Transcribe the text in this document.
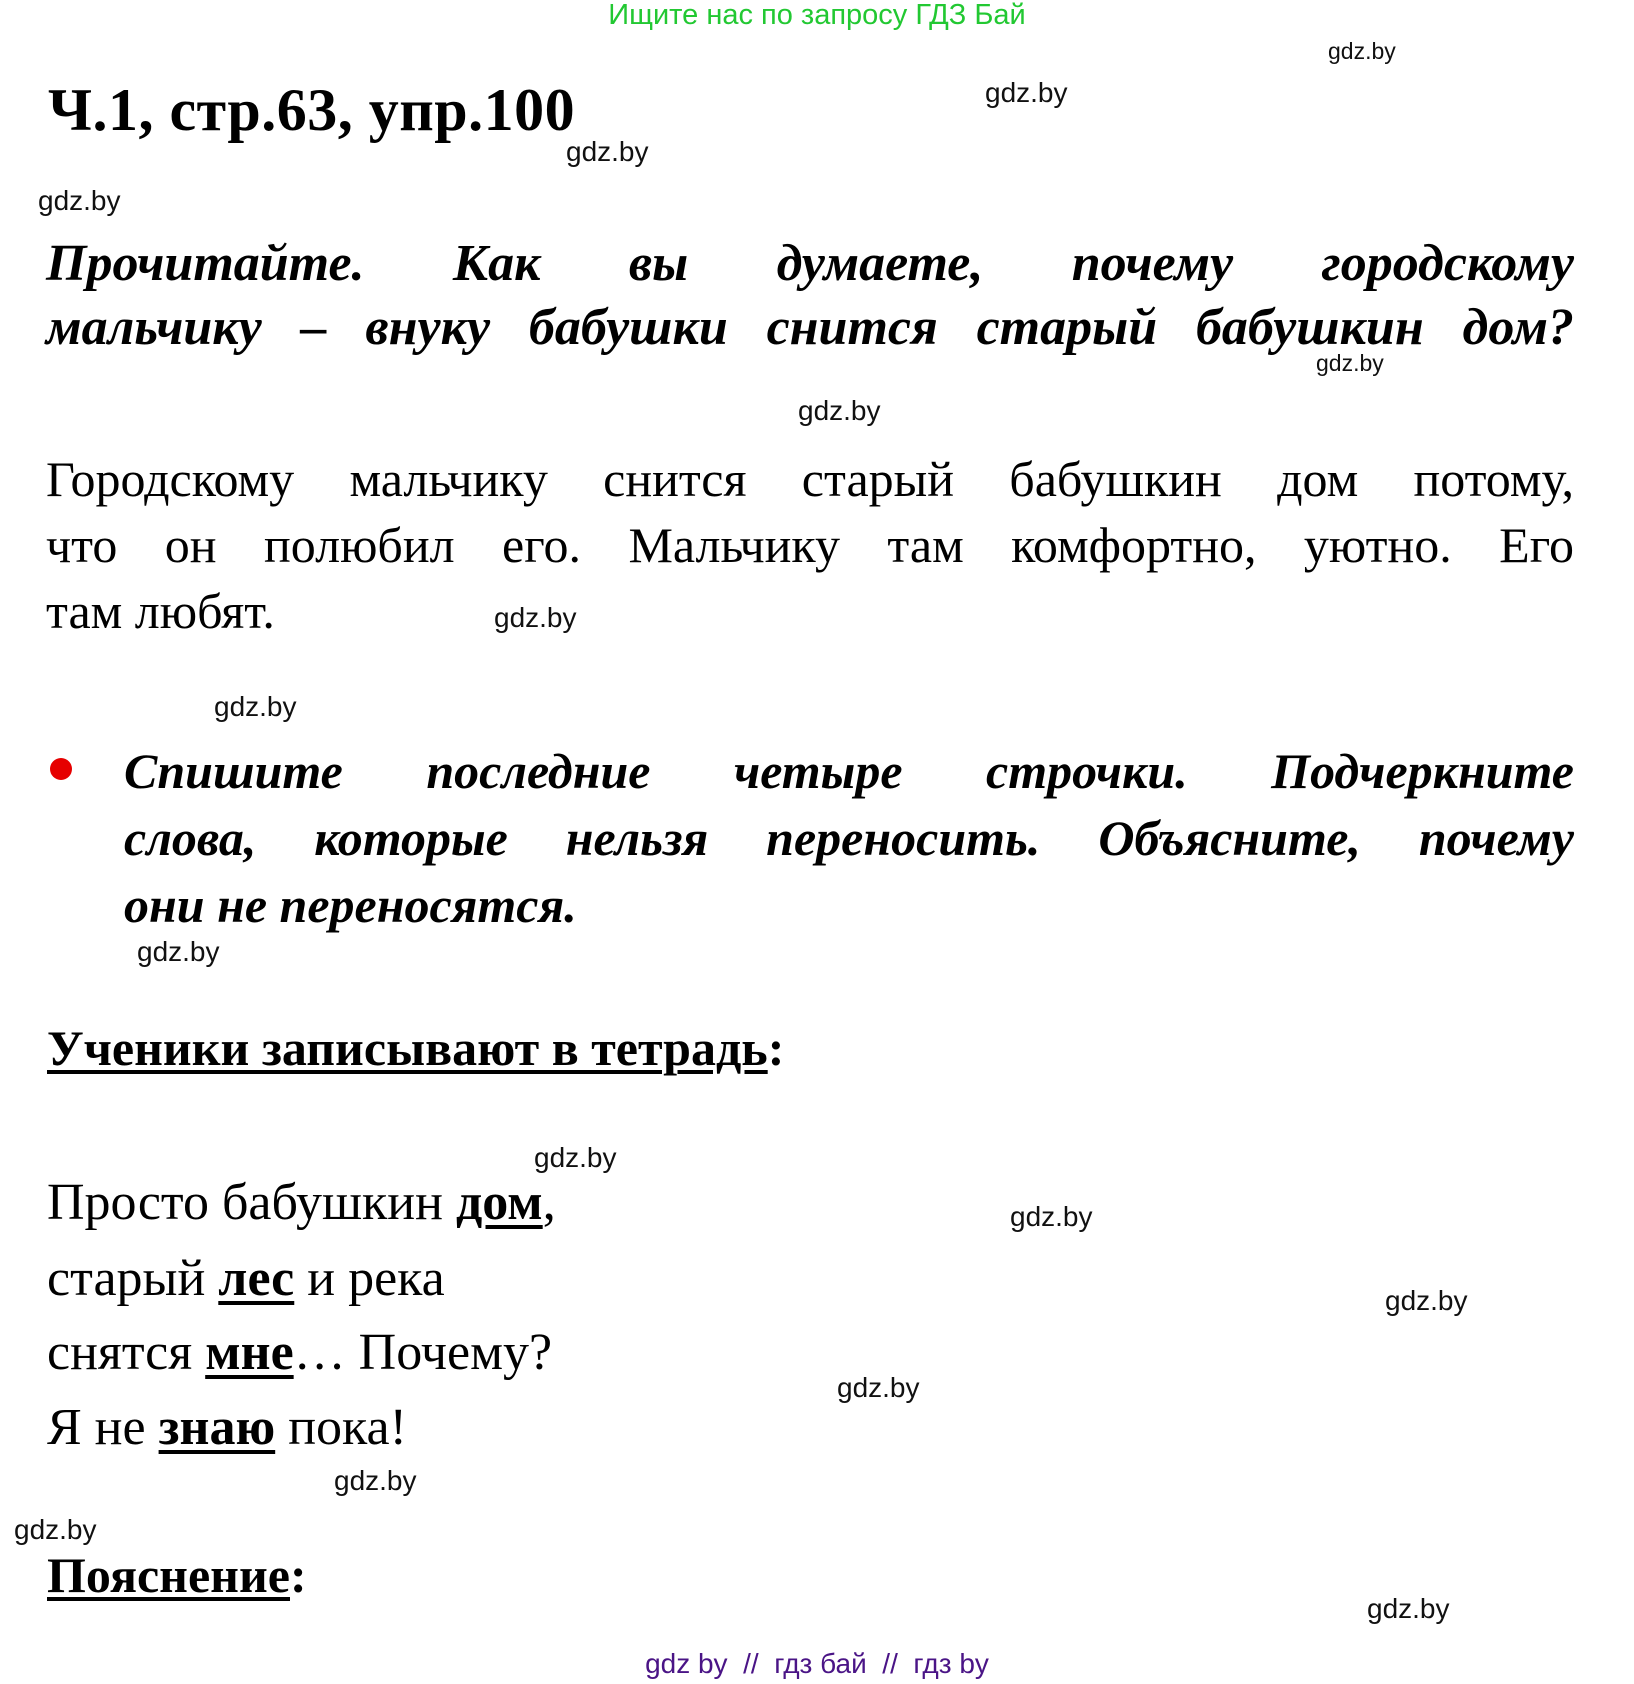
Ищите нас по запросу ГДЗ Бай
gdz.by
gdz.by
gdz.by
gdz.by
gdz.by
gdz.by
gdz.by
gdz.by
gdz.by
gdz.by
gdz.by
gdz.by
gdz.by
gdz.by
gdz.by
gdz.by
Ч.1, стр.63, упр.100
Прочитайте. Как вы думаете, почему городскому
мальчику – внуку бабушки снится старый бабушкин дом?
Городскому мальчику снится старый бабушкин дом потому,
что он полюбил его. Мальчику там комфортно, уютно. Его
там любят.
Спишите последние четыре строчки. Подчеркните
слова, которые нельзя переносить. Объясните, почему
они не переносятся.
Ученики записывают в тетрадь:
Просто бабушкин дом,
старый лес и река
снятся мне… Почему?
Я не знаю пока!
Пояснение:
gdz by  //  гдз бай  //  гдз by
